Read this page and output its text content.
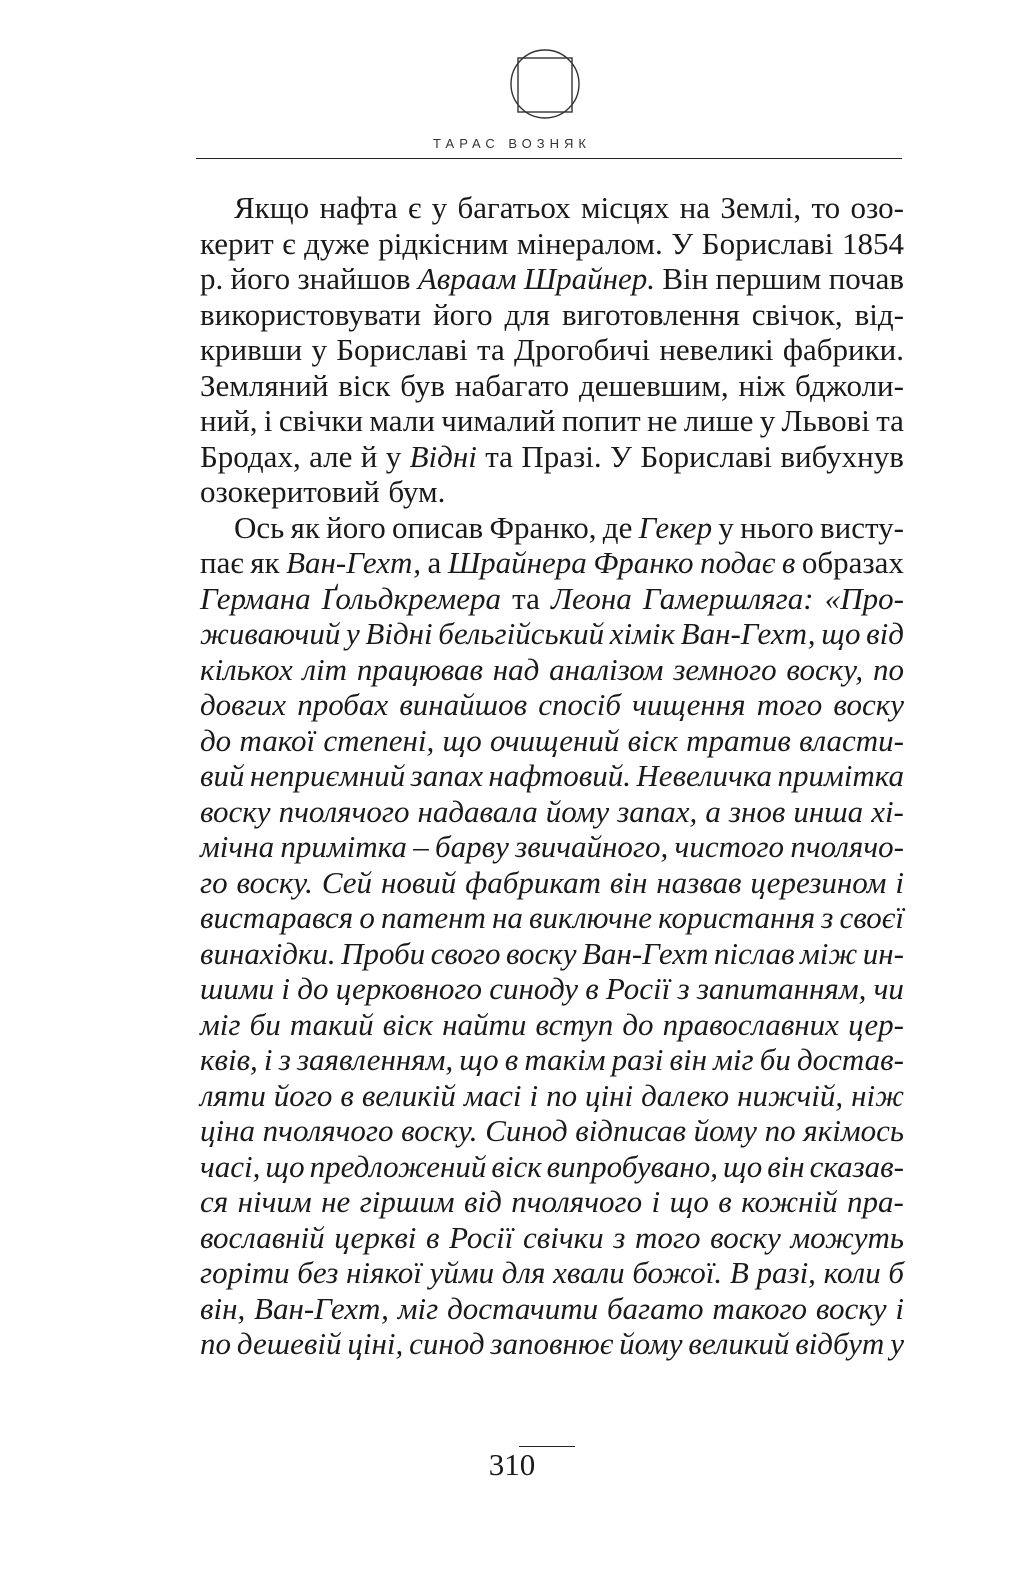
ТАРАС ВОЗНЯК
Якщо нафта є у багатьох місцях на Землі, то озо-
керит є дуже рідкісним мінералом. У Бориславі 1854
р. його знайшов Авраам Шрайнер. Він першим почав
використовувати його для виготовлення свічок, від-
кривши у Бориславі та Дрогобичі невеликі фабрики.
Земляний віск був набагато дешевшим, ніж бджоли-
ний, і свічки мали чималий попит не лише у Львові та
Бродах, але й у Відні та Празі. У Бориславі вибухнув
озокеритовий бум.
Ось як його описав Франко, де Гекер у нього висту-
пає як Ван-Гехт, а Шрайнера Франко подає в образах
Германа Ґольдкремера та Леона Гамершляга: «Про-
живаючий у Відні бельгійський хімік Ван-Гехт, що від
кількох літ працював над аналізом земного воску, по
довгих пробах винайшов спосіб чищення того воску
до такої степені, що очищений віск тратив власти-
вий неприємний запах нафтовий. Невеличка примітка
воску пчолячого надавала йому запах, а знов инша хі-
мічна примітка – барву звичайного, чистого пчолячо-
го воску. Сей новий фабрикат він назвав церезином і
вистарався о патент на виключне користання з своєї
винахідки. Проби свого воску Ван-Гехт післав між ин-
шими і до церковного синоду в Росії з запитанням, чи
міг би такий віск найти вступ до православних цер-
квів, і з заявленням, що в такім разі він міг би достав-
ляти його в великій масі і по ціні далеко нижчій, ніж
ціна пчолячого воску. Синод відписав йому по якімось
часі, що предложений віск випробувано, що він сказав-
ся нічим не гіршим від пчолячого і що в кожній пра-
вославній церкві в Росії свічки з того воску можуть
горіти без ніякої уйми для хвали божої. В разі, коли б
він, Ван-Гехт, міг достачити багато такого воску і
по дешевій ціні, синод заповнює йому великий відбут у
310
